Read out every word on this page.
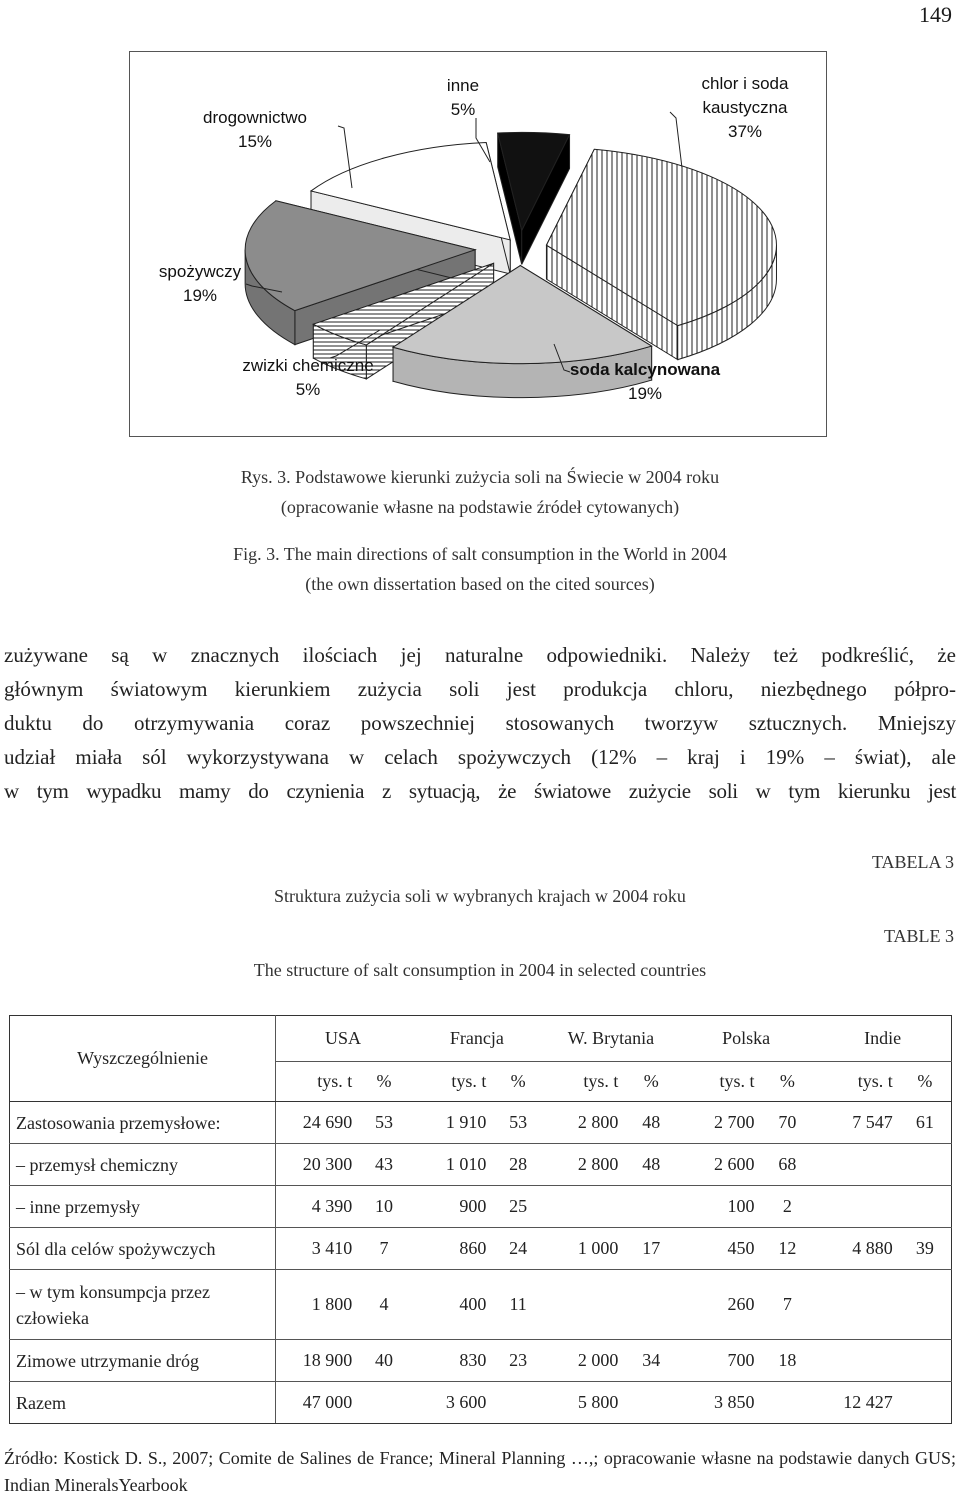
149
drogownictwo
15%
inne
5%
chlor i soda kaustyczna
37%
spożywczy
19%
zwizki chemiczne
5%
soda kalcynowana
19%
Rys. 3. Podstawowe kierunki zużycia soli na Świecie w 2004 roku
(opracowanie własne na podstawie źródeł cytowanych)
Fig. 3. The main directions of salt consumption in the World in 2004
(the own dissertation based on the cited sources)
zużywane są w znacznych ilościach jej naturalne odpowiedniki. Należy też podkreślić, że
głównym światowym kierunkiem zużycia soli jest produkcja chloru, niezbędnego półpro-
duktu do otrzymywania coraz powszechniej stosowanych tworzyw sztucznych. Mniejszy
udział miała sól wykorzystywana w celach spożywczych (12% – kraj i 19% – świat), ale
w tym wypadku mamy do czynienia z sytuacją, że światowe zużycie soli w tym kierunku jest
TABELA 3
Struktura zużycia soli w wybranych krajach w 2004 roku
TABLE 3
The structure of salt consumption in 2004 in selected countries
Wyszczególnienie	USA		Francja		W. Brytania		Polska		Indie	
	tys. t	%	tys. t	%	tys. t	%	tys. t	%	tys. t	%
Zastosowania przemysłowe:	24 690	53	1 910	53	2 800	48	2 700	70	7 547	61
– przemysł chemiczny	20 300	43	1 010	28	2 800	48	2 600	68		
– inne przemysły	4 390	10	900	25			100	2		
Sól dla celów spożywczych	3 410	7	860	24	1 000	17	450	12	4 880	39
– w tym konsumpcja przez człowieka	1 800	4	400	11			260	7		
Zimowe utrzymanie dróg	18 900	40	830	23	2 000	34	700	18		
Razem	47 000		3 600		5 800		3 850		12 427	
Źródło: Kostick D. S., 2007; Comite de Salines de France; Mineral Planning …,; opracowanie własne na podstawie danych GUS; Indian MineralsYearbook
